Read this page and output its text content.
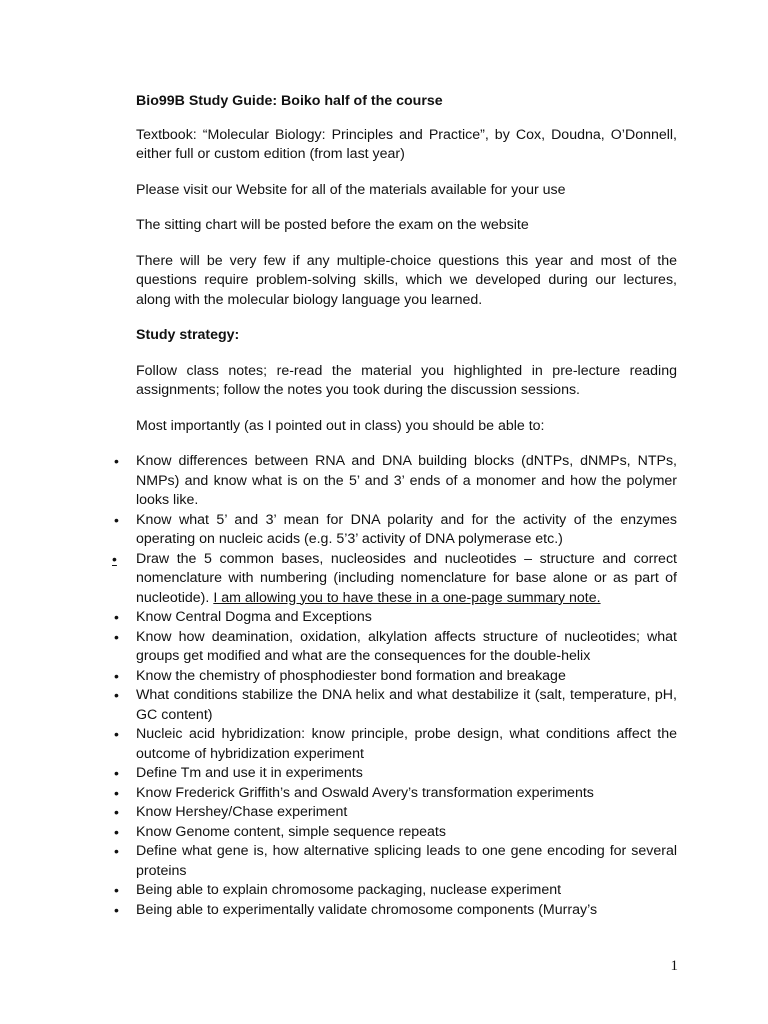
Bio99B Study Guide: Boiko half of the course

Textbook: “Molecular Biology: Principles and Practice”, by Cox, Doudna, O’Donnell, either full or custom edition (from last year)

Please visit our Website for all of the materials available for your use

The sitting chart will be posted before the exam on the website

There will be very few if any multiple-choice questions this year and most of the questions require problem-solving skills, which we developed during our lectures, along with the molecular biology language you learned.

Study strategy:

Follow class notes; re-read the material you highlighted in pre-lecture reading assignments; follow the notes you took during the discussion sessions.

Most importantly (as I pointed out in class) you should be able to:

•	Know differences between RNA and DNA building blocks (dNTPs, dNMPs, NTPs, NMPs) and know what is on the 5’ and 3’ ends of a monomer and how the polymer looks like.
•	Know what 5’ and 3’ mean for DNA polarity and for the activity of the enzymes operating on nucleic acids (e.g. 5’3’ activity of DNA polymerase etc.)
•	Draw the 5 common bases, nucleosides and nucleotides – structure and correct nomenclature with numbering (including nomenclature for base alone or as part of nucleotide). I am allowing you to have these in a one-page summary note.
•	Know Central Dogma and Exceptions
•	Know how deamination, oxidation, alkylation affects structure of nucleotides; what groups get modified and what are the consequences for the double-helix
•	Know the chemistry of phosphodiester bond formation and breakage
•	What conditions stabilize the DNA helix and what destabilize it (salt, temperature, pH, GC content)
•	Nucleic acid hybridization: know principle, probe design, what conditions affect the outcome of hybridization experiment
•	Define Tm and use it in experiments
•	Know Frederick Griffith’s and Oswald Avery’s transformation experiments
•	Know Hershey/Chase experiment
•	Know Genome content, simple sequence repeats
•	Define what gene is, how alternative splicing leads to one gene encoding for several proteins
•	Being able to explain chromosome packaging, nuclease experiment
•	Being able to experimentally validate chromosome components (Murray’s
1
